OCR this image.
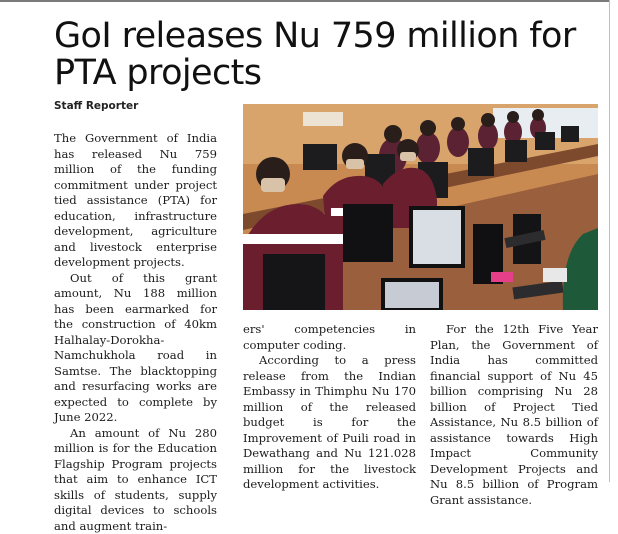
GoI releases Nu 759 million for PTA projects
Staff Reporter

The Government of India has released Nu 759 million of the funding commitment under project tied assistance (PTA) for education, infrastructure development, agriculture and livestock enterprise development projects.

Out of this grant amount, Nu 188 million has been earmarked for the construction of 40km Halhalay-Dorokha-Namchukhola road in Samtse. The blacktopping and resurfacing works are expected to complete by June 2022.

An amount of Nu 280 million is for the Education Flagship Program projects that aim to enhance ICT skills of students, supply digital devices to schools and augment train-

ers' competencies in computer coding.

According to a press release from the Indian Embassy in Thimphu Nu 170 million of the released budget is for the Improvement of Puili road in Dewathang and Nu 121.028 million for the livestock development activities.

For the 12th Five Year Plan, the Government of India has committed financial support of Nu 45 billion comprising Nu 28 billion of Project Tied Assistance, Nu 8.5 billion of assistance towards High Impact Community Development Projects and Nu 8.5 billion of Program Grant assistance.
